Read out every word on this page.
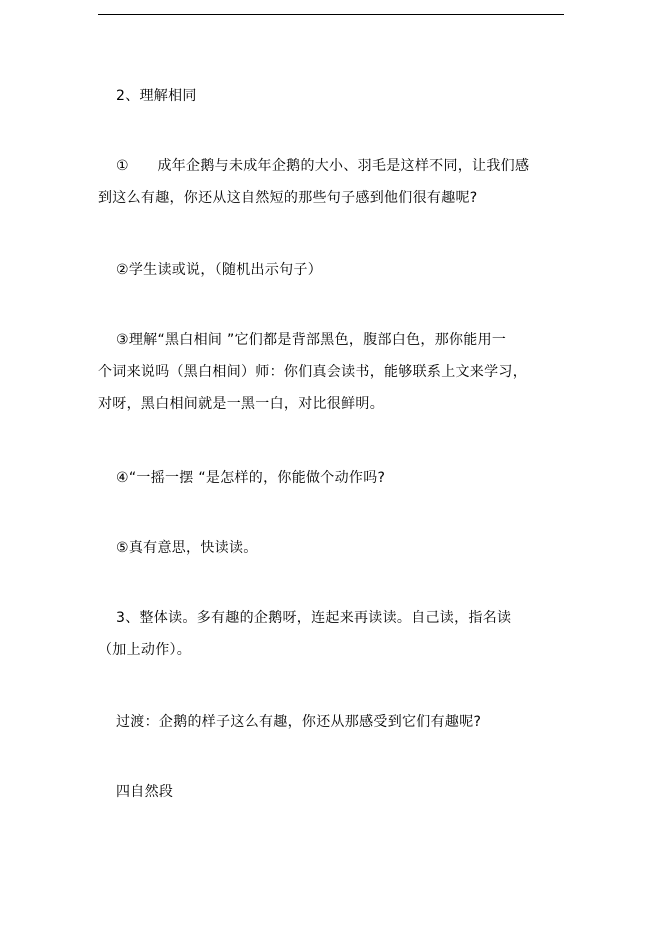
2、理解相同
①　　成年企鹅与未成年企鹅的大小、羽毛是这样不同，让我们感
到这么有趣，你还从这自然短的那些句子感到他们很有趣呢?
②学生读或说，（随机出示句子）
③理解“黑白相间 ”它们都是背部黑色，腹部白色，那你能用一
个词来说吗（黑白相间）师：你们真会读书，能够联系上文来学习，
对呀，黑白相间就是一黑一白，对比很鲜明。
④“一摇一摆 “是怎样的，你能做个动作吗?
⑤真有意思，快读读。
3、整体读。多有趣的企鹅呀，连起来再读读。自己读，指名读
（加上动作）。
过渡：企鹅的样子这么有趣，你还从那感受到它们有趣呢?
四自然段
